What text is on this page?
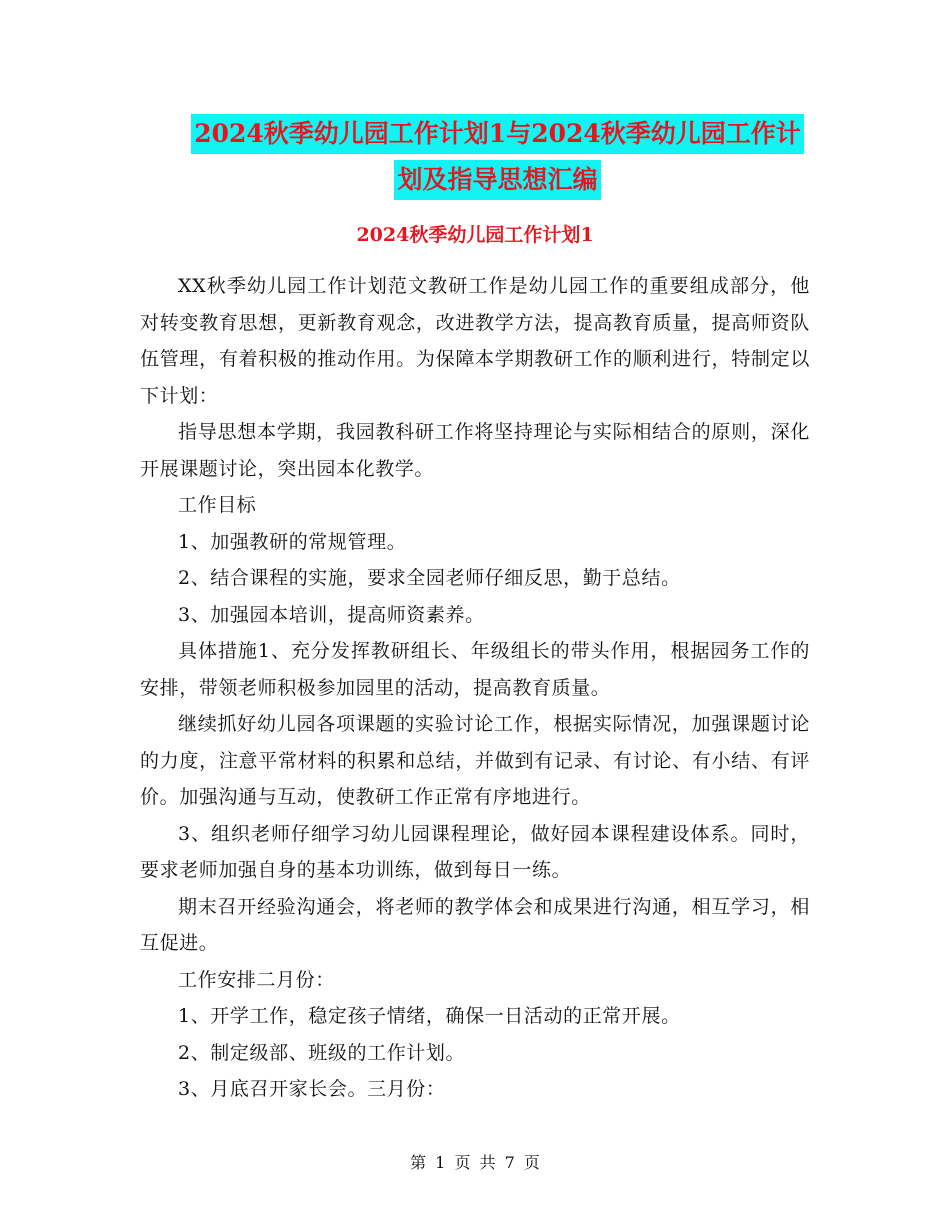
2024秋季幼儿园工作计划1与2024秋季幼儿园工作计
划及指导思想汇编
2024秋季幼儿园工作计划1

XX秋季幼儿园工作计划范文教研工作是幼儿园工作的重要组成部分，他对转变教育思想，更新教育观念，改进教学方法，提高教育质量，提高师资队伍管理，有着积极的推动作用。为保障本学期教研工作的顺利进行，特制定以下计划：

指导思想本学期，我园教科研工作将坚持理论与实际相结合的原则，深化开展课题讨论，突出园本化教学。

工作目标

1、加强教研的常规管理。

2、结合课程的实施，要求全园老师仔细反思，勤于总结。

3、加强园本培训，提高师资素养。

具体措施1、充分发挥教研组长、年级组长的带头作用，根据园务工作的安排，带领老师积极参加园里的活动，提高教育质量。

继续抓好幼儿园各项课题的实验讨论工作，根据实际情况，加强课题讨论的力度，注意平常材料的积累和总结，并做到有记录、有讨论、有小结、有评价。加强沟通与互动，使教研工作正常有序地进行。

3、组织老师仔细学习幼儿园课程理论，做好园本课程建设体系。同时，要求老师加强自身的基本功训练，做到每日一练。

期末召开经验沟通会，将老师的教学体会和成果进行沟通，相互学习，相互促进。

工作安排二月份：

1、开学工作，稳定孩子情绪，确保一日活动的正常开展。

2、制定级部、班级的工作计划。

3、月底召开家长会。三月份：

第 1 页 共 7 页
